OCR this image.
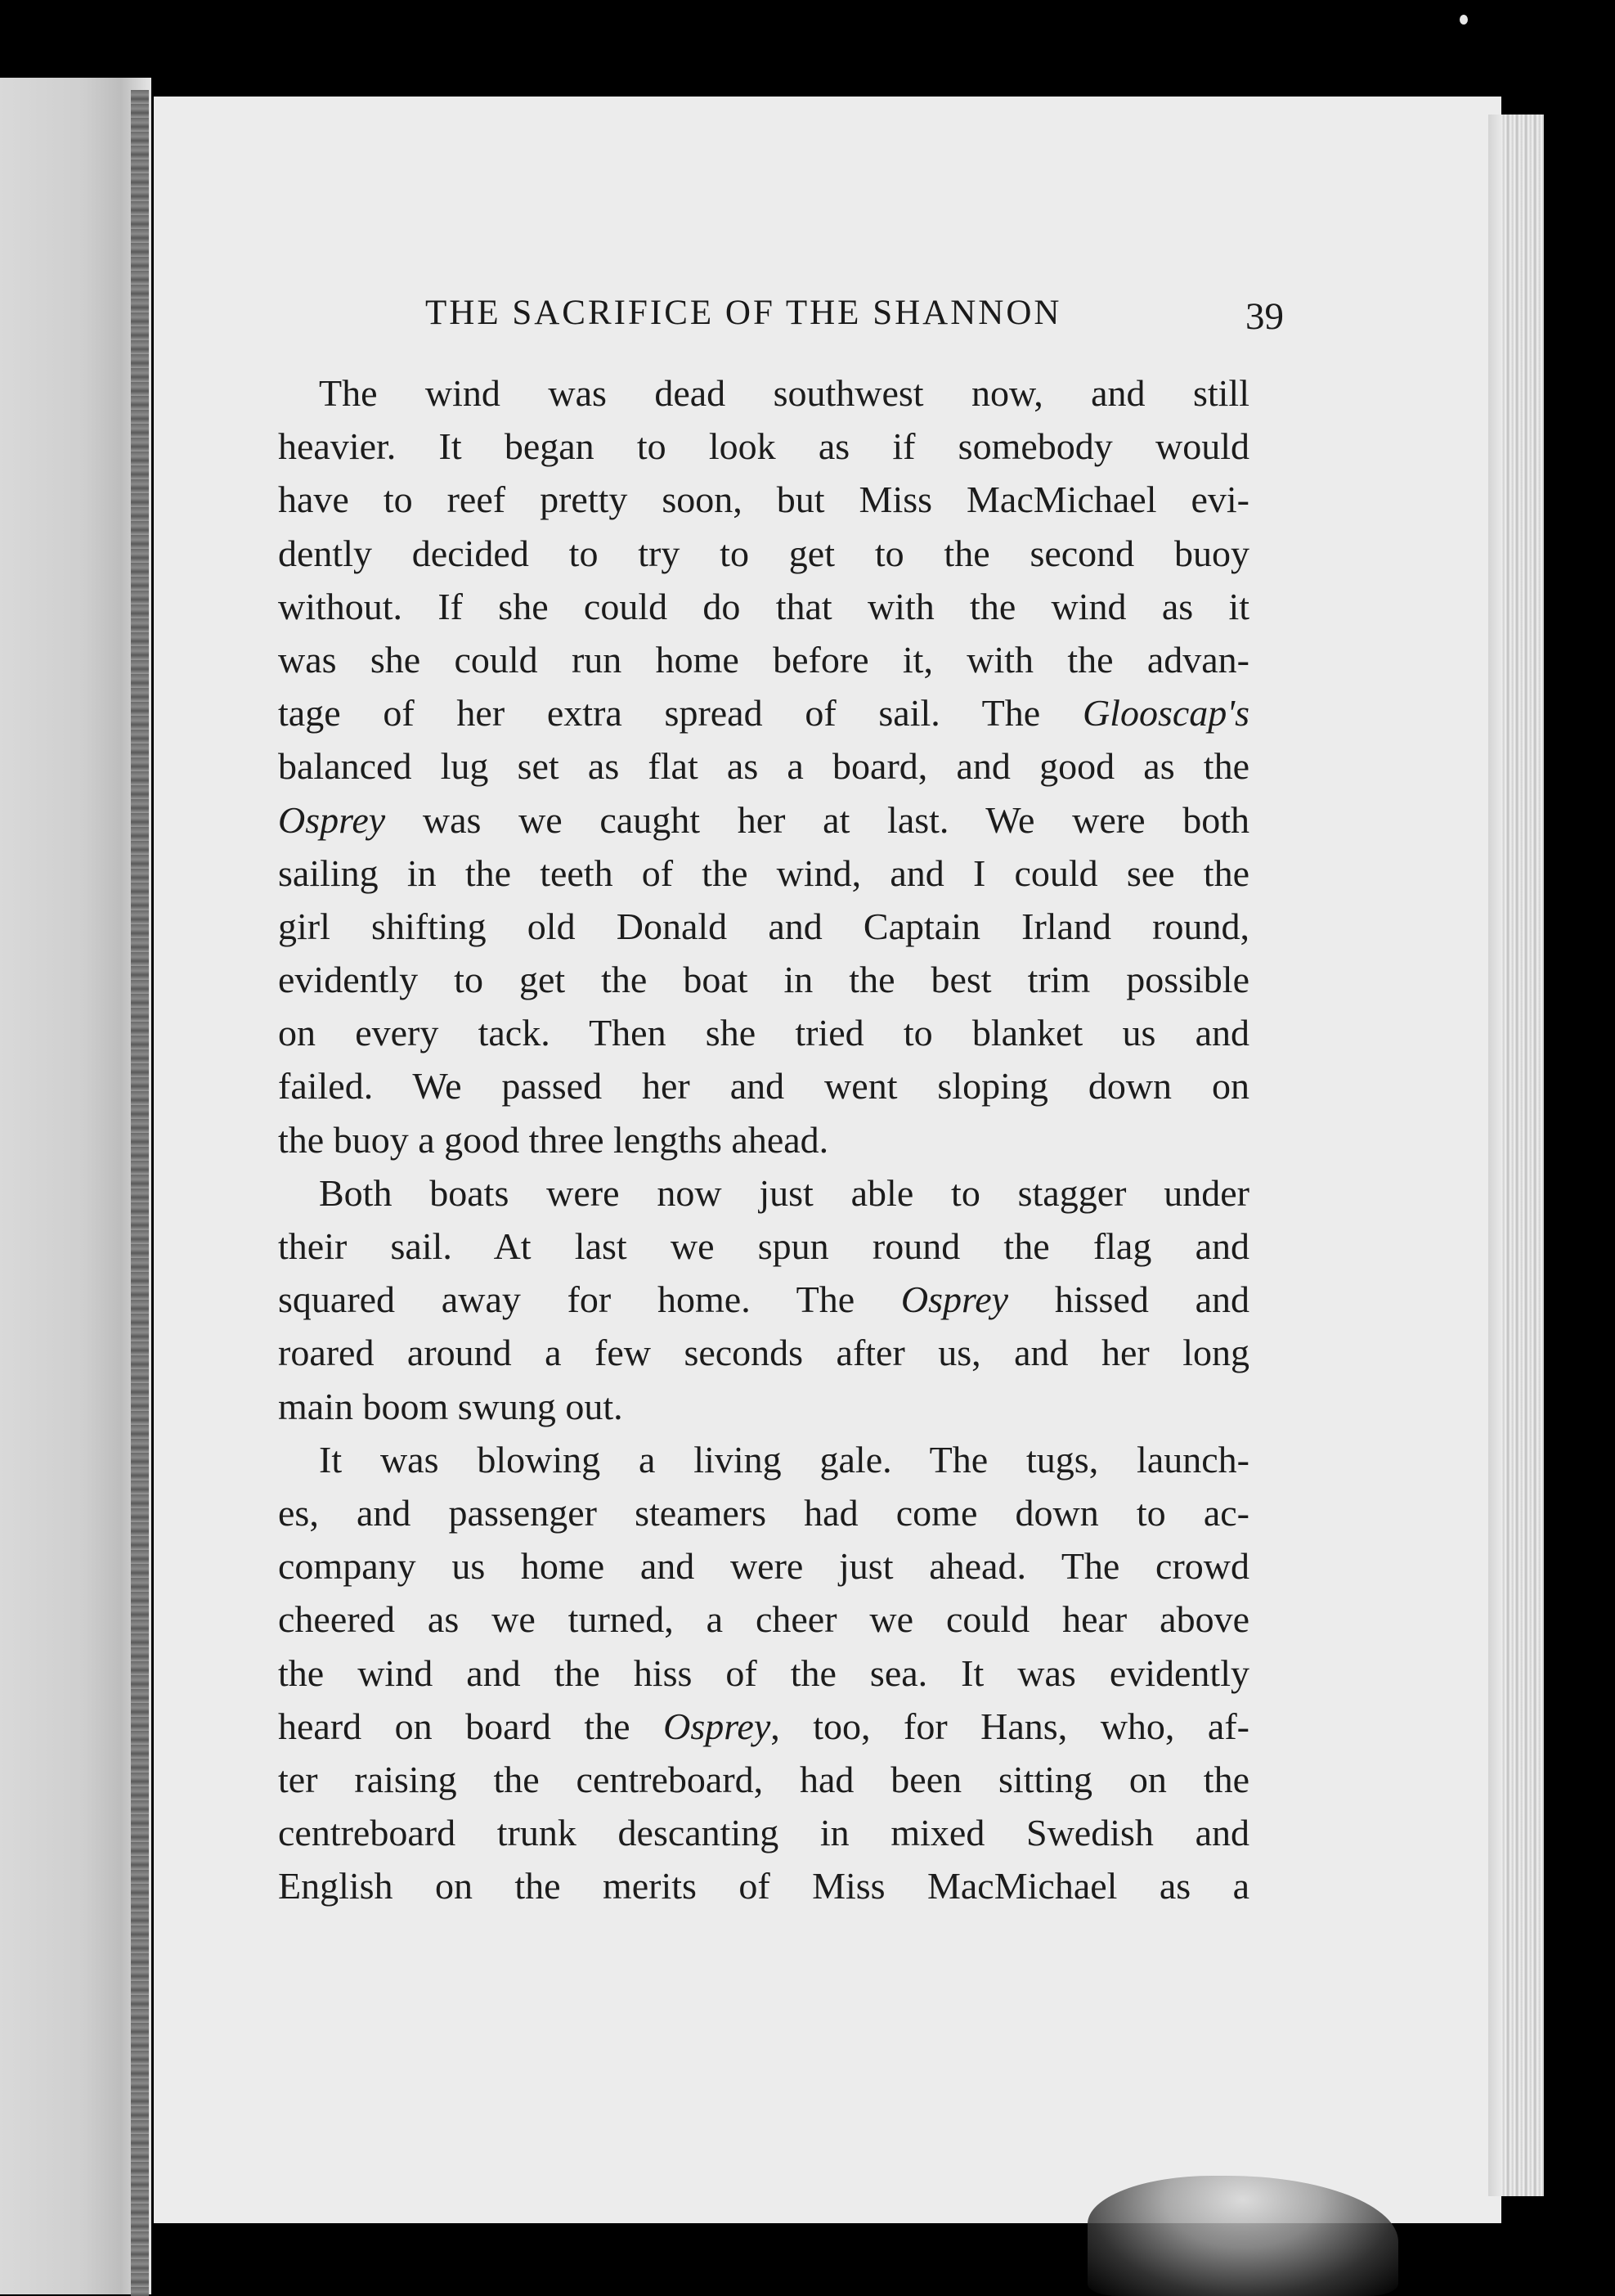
THE SACRIFICE OF THE SHANNON	39
The wind was dead southwest now, and still
heavier. It began to look as if somebody would
have to reef pretty soon, but Miss MacMichael evi-
dently decided to try to get to the second buoy
without. If she could do that with the wind as it
was she could run home before it, with the advan-
tage of her extra spread of sail. The Glooscap's
balanced lug set as flat as a board, and good as the
Osprey was we caught her at last. We were both
sailing in the teeth of the wind, and I could see the
girl shifting old Donald and Captain Irland round,
evidently to get the boat in the best trim possible
on every tack. Then she tried to blanket us and
failed. We passed her and went sloping down on
the buoy a good three lengths ahead.
Both boats were now just able to stagger under
their sail. At last we spun round the flag and
squared away for home. The Osprey hissed and
roared around a few seconds after us, and her long
main boom swung out.
It was blowing a living gale. The tugs, launch-
es, and passenger steamers had come down to ac-
company us home and were just ahead. The crowd
cheered as we turned, a cheer we could hear above
the wind and the hiss of the sea. It was evidently
heard on board the Osprey, too, for Hans, who, af-
ter raising the centreboard, had been sitting on the
centreboard trunk descanting in mixed Swedish and
English on the merits of Miss MacMichael as a
